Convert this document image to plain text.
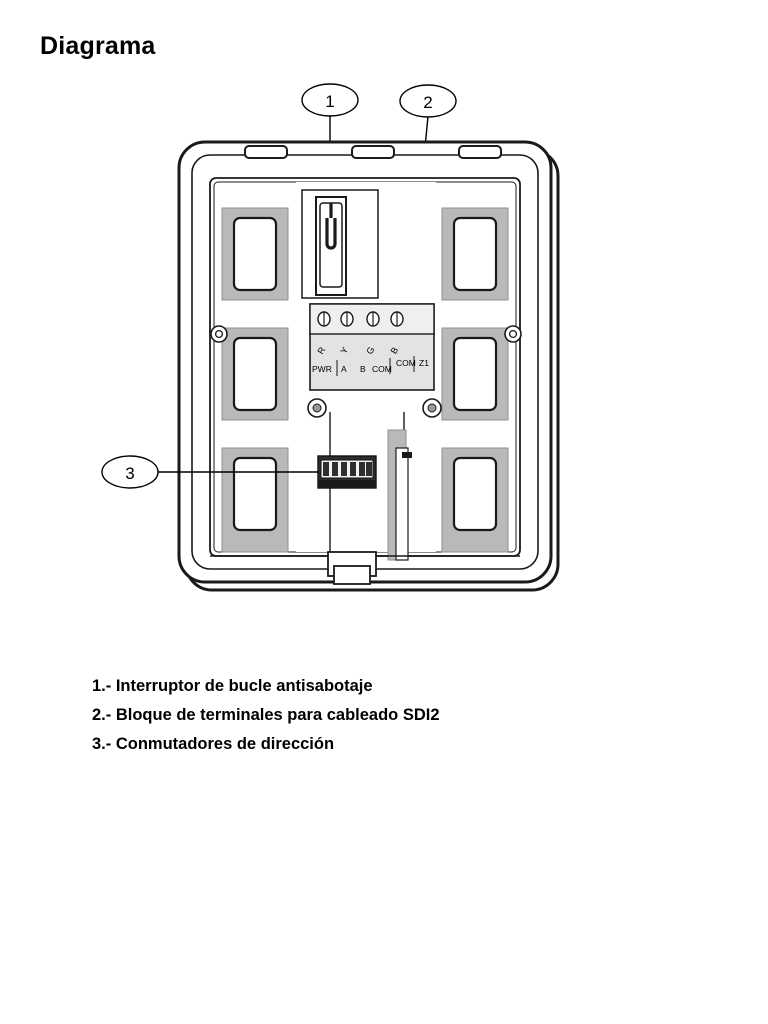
Diagrama
1	2
R Y G B
PWR A B COM
COM Z1
3
1.- Interruptor de bucle antisabotaje
2.- Bloque de terminales para cableado SDI2
3.- Conmutadores de dirección
